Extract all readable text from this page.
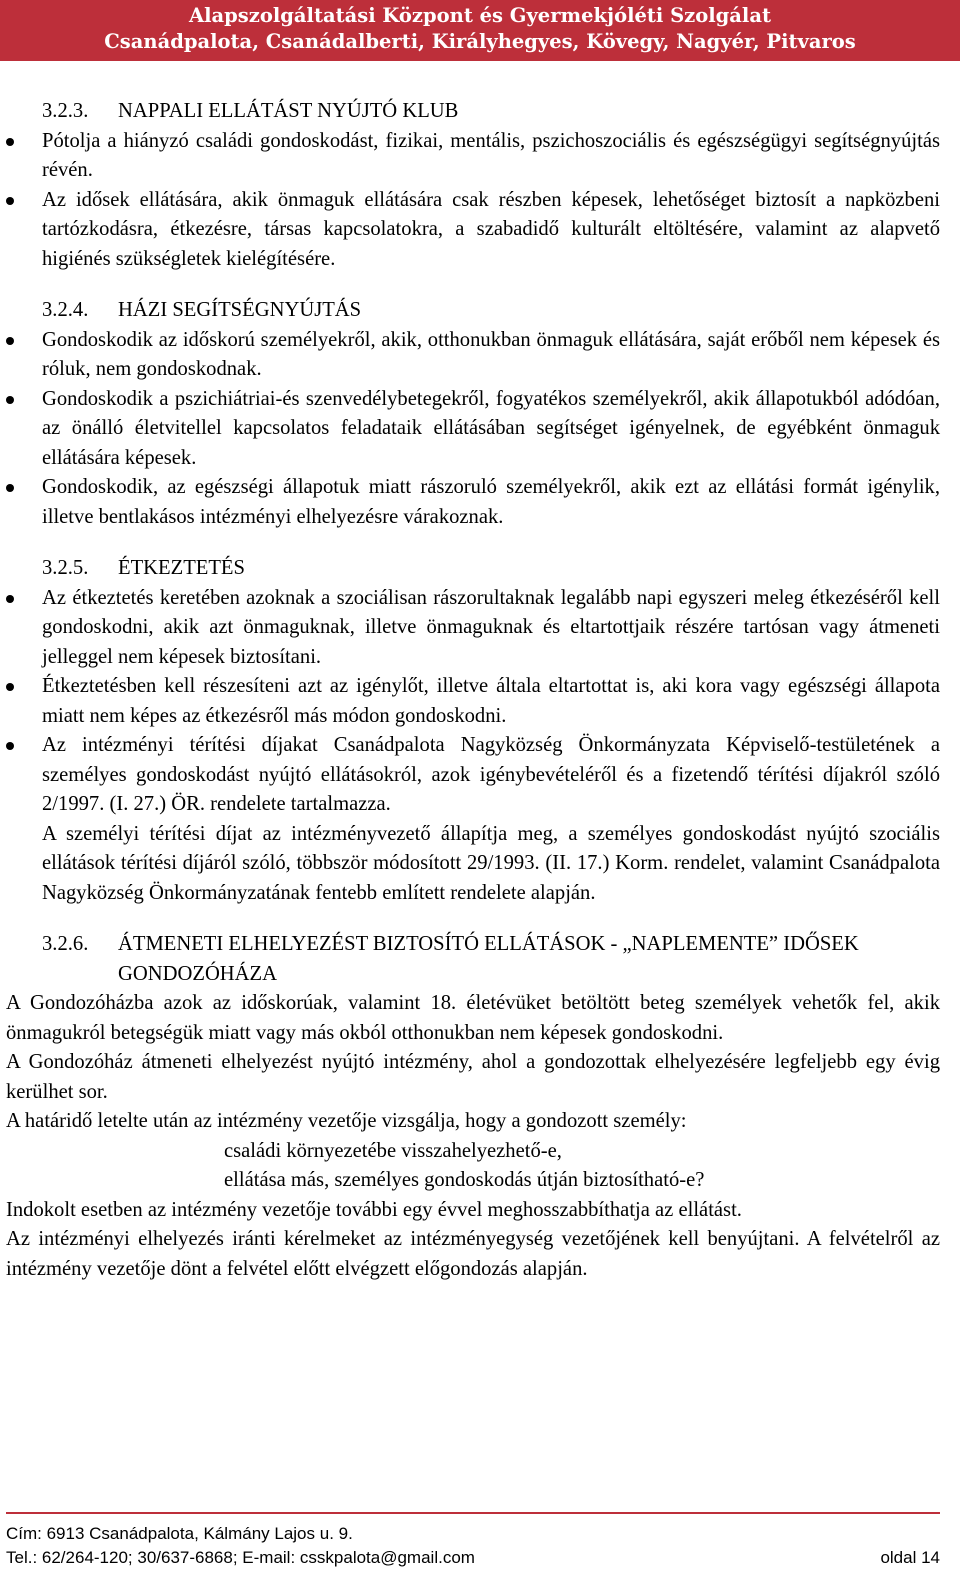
Alapszolgáltatási Központ és Gyermekjóléti Szolgálat
Csanádpalota, Csanádalberti, Királyhegyes, Kövegy, Nagyér, Pitvaros
3.2.3.	NAPPALI ELLÁTÁST NYÚJTÓ KLUB
Pótolja a hiányzó családi gondoskodást, fizikai, mentális, pszichoszociális és egészségügyi segítségnyújtás révén.
Az idősek ellátására, akik önmaguk ellátására csak részben képesek, lehetőséget biztosít a napközbeni tartózkodásra, étkezésre, társas kapcsolatokra, a szabadidő kulturált eltöltésére, valamint az alapvető higiénés szükségletek kielégítésére.
3.2.4.	HÁZI SEGÍTSÉGNYÚJTÁS
Gondoskodik az időskorú személyekről, akik, otthonukban önmaguk ellátására, saját erőből nem képesek és róluk, nem gondoskodnak.
Gondoskodik a pszichiátriai-és szenvedélybetegekről, fogyatékos személyekről, akik állapotukból adódóan, az önálló életvitellel kapcsolatos feladataik ellátásában segítséget igényelnek, de egyébként önmaguk ellátására képesek.
Gondoskodik, az egészségi állapotuk miatt rászoruló személyekről, akik ezt az ellátási formát igénylik, illetve bentlakásos intézményi elhelyezésre várakoznak.
3.2.5.	ÉTKEZTETÉS
Az étkeztetés keretében azoknak a szociálisan rászorultaknak legalább napi egyszeri meleg étkezéséről kell gondoskodni, akik azt önmaguknak, illetve önmaguknak és eltartottjaik részére tartósan vagy átmeneti jelleggel nem képesek biztosítani.
Étkeztetésben kell részesíteni azt az igénylőt, illetve általa eltartottat is, aki kora vagy egészségi állapota miatt nem képes az étkezésről más módon gondoskodni.
Az intézményi térítési díjakat Csanádpalota Nagyközség Önkormányzata Képviselő-testületének a személyes gondoskodást nyújtó ellátásokról, azok igénybevételéről és a fizetendő térítési díjakról szóló 2/1997. (I. 27.) ÖR. rendelete tartalmazza.
A személyi térítési díjat az intézményvezető állapítja meg, a személyes gondoskodást nyújtó szociális ellátások térítési díjáról szóló, többször módosított 29/1993. (II. 17.) Korm. rendelet, valamint Csanádpalota Nagyközség Önkormányzatának fentebb említett rendelete alapján.
3.2.6.	ÁTMENETI ELHELYEZÉST BIZTOSÍTÓ ELLÁTÁSOK - „NAPLEMENTE” IDŐSEK GONDOZÓHÁZA

A Gondozóházba azok az időskorúak, valamint 18. életévüket betöltött beteg személyek vehetők fel, akik önmagukról betegségük miatt vagy más okból otthonukban nem képesek gondoskodni.

A Gondozóház átmeneti elhelyezést nyújtó intézmény, ahol a gondozottak elhelyezésére legfeljebb egy évig kerülhet sor.

A határidő letelte után az intézmény vezetője vizsgálja, hogy a gondozott személy:

családi környezetébe visszahelyezhető-e,
ellátása más, személyes gondoskodás útján biztosítható-e?

Indokolt esetben az intézmény vezetője további egy évvel meghosszabbíthatja az ellátást.

Az intézményi elhelyezés iránti kérelmeket az intézményegység vezetőjének kell benyújtani. A felvételről az intézmény vezetője dönt a felvétel előtt elvégzett előgondozás alapján.

Cím: 6913 Csanádpalota, Kálmány Lajos u. 9.
Tel.: 62/264-120; 30/637-6868; E-mail: csskpalota@gmail.com	oldal 14
